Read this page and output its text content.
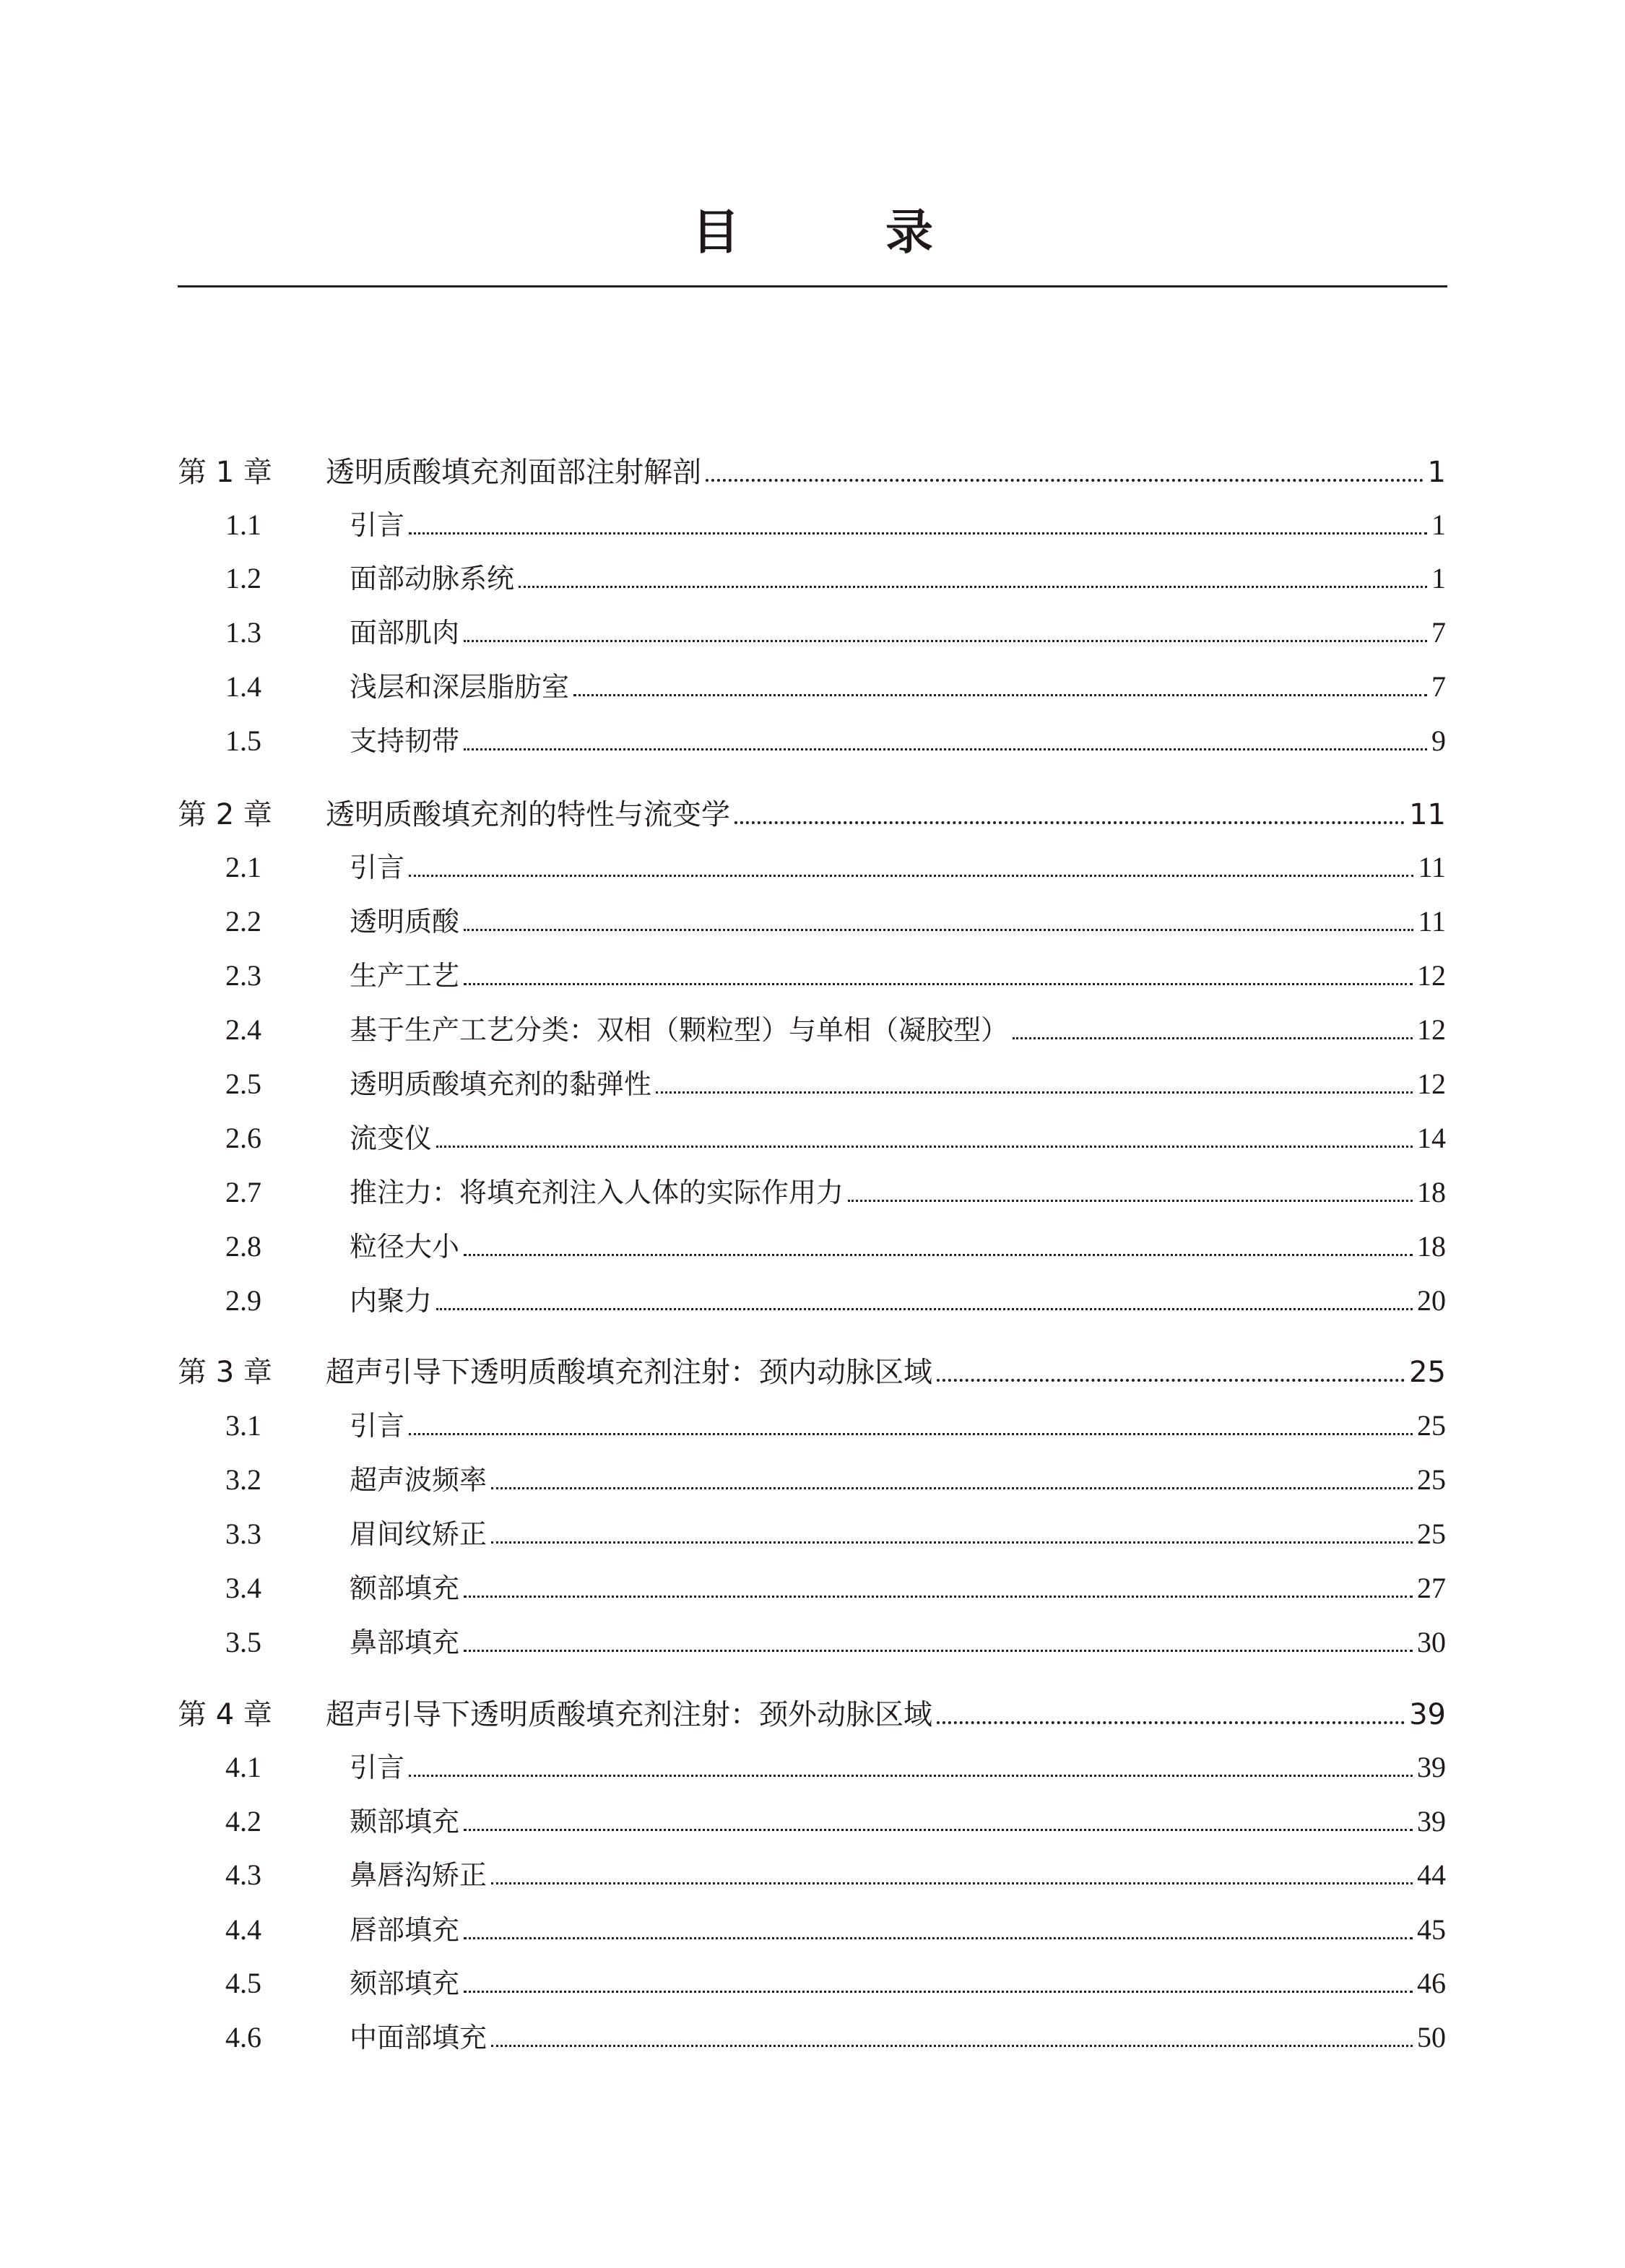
目　录
第 1 章	透明质酸填充剂面部注射解剖	1
1.1	引言	1
1.2	面部动脉系统	1
1.3	面部肌肉	7
1.4	浅层和深层脂肪室	7
1.5	支持韧带	9
第 2 章	透明质酸填充剂的特性与流变学	11
2.1	引言	11
2.2	透明质酸	11
2.3	生产工艺	12
2.4	基于生产工艺分类：双相（颗粒型）与单相（凝胶型）	12
2.5	透明质酸填充剂的黏弹性	12
2.6	流变仪	14
2.7	推注力：将填充剂注入人体的实际作用力	18
2.8	粒径大小	18
2.9	内聚力	20
第 3 章	超声引导下透明质酸填充剂注射：颈内动脉区域	25
3.1	引言	25
3.2	超声波频率	25
3.3	眉间纹矫正	25
3.4	额部填充	27
3.5	鼻部填充	30
第 4 章	超声引导下透明质酸填充剂注射：颈外动脉区域	39
4.1	引言	39
4.2	颞部填充	39
4.3	鼻唇沟矫正	44
4.4	唇部填充	45
4.5	颏部填充	46
4.6	中面部填充	50
